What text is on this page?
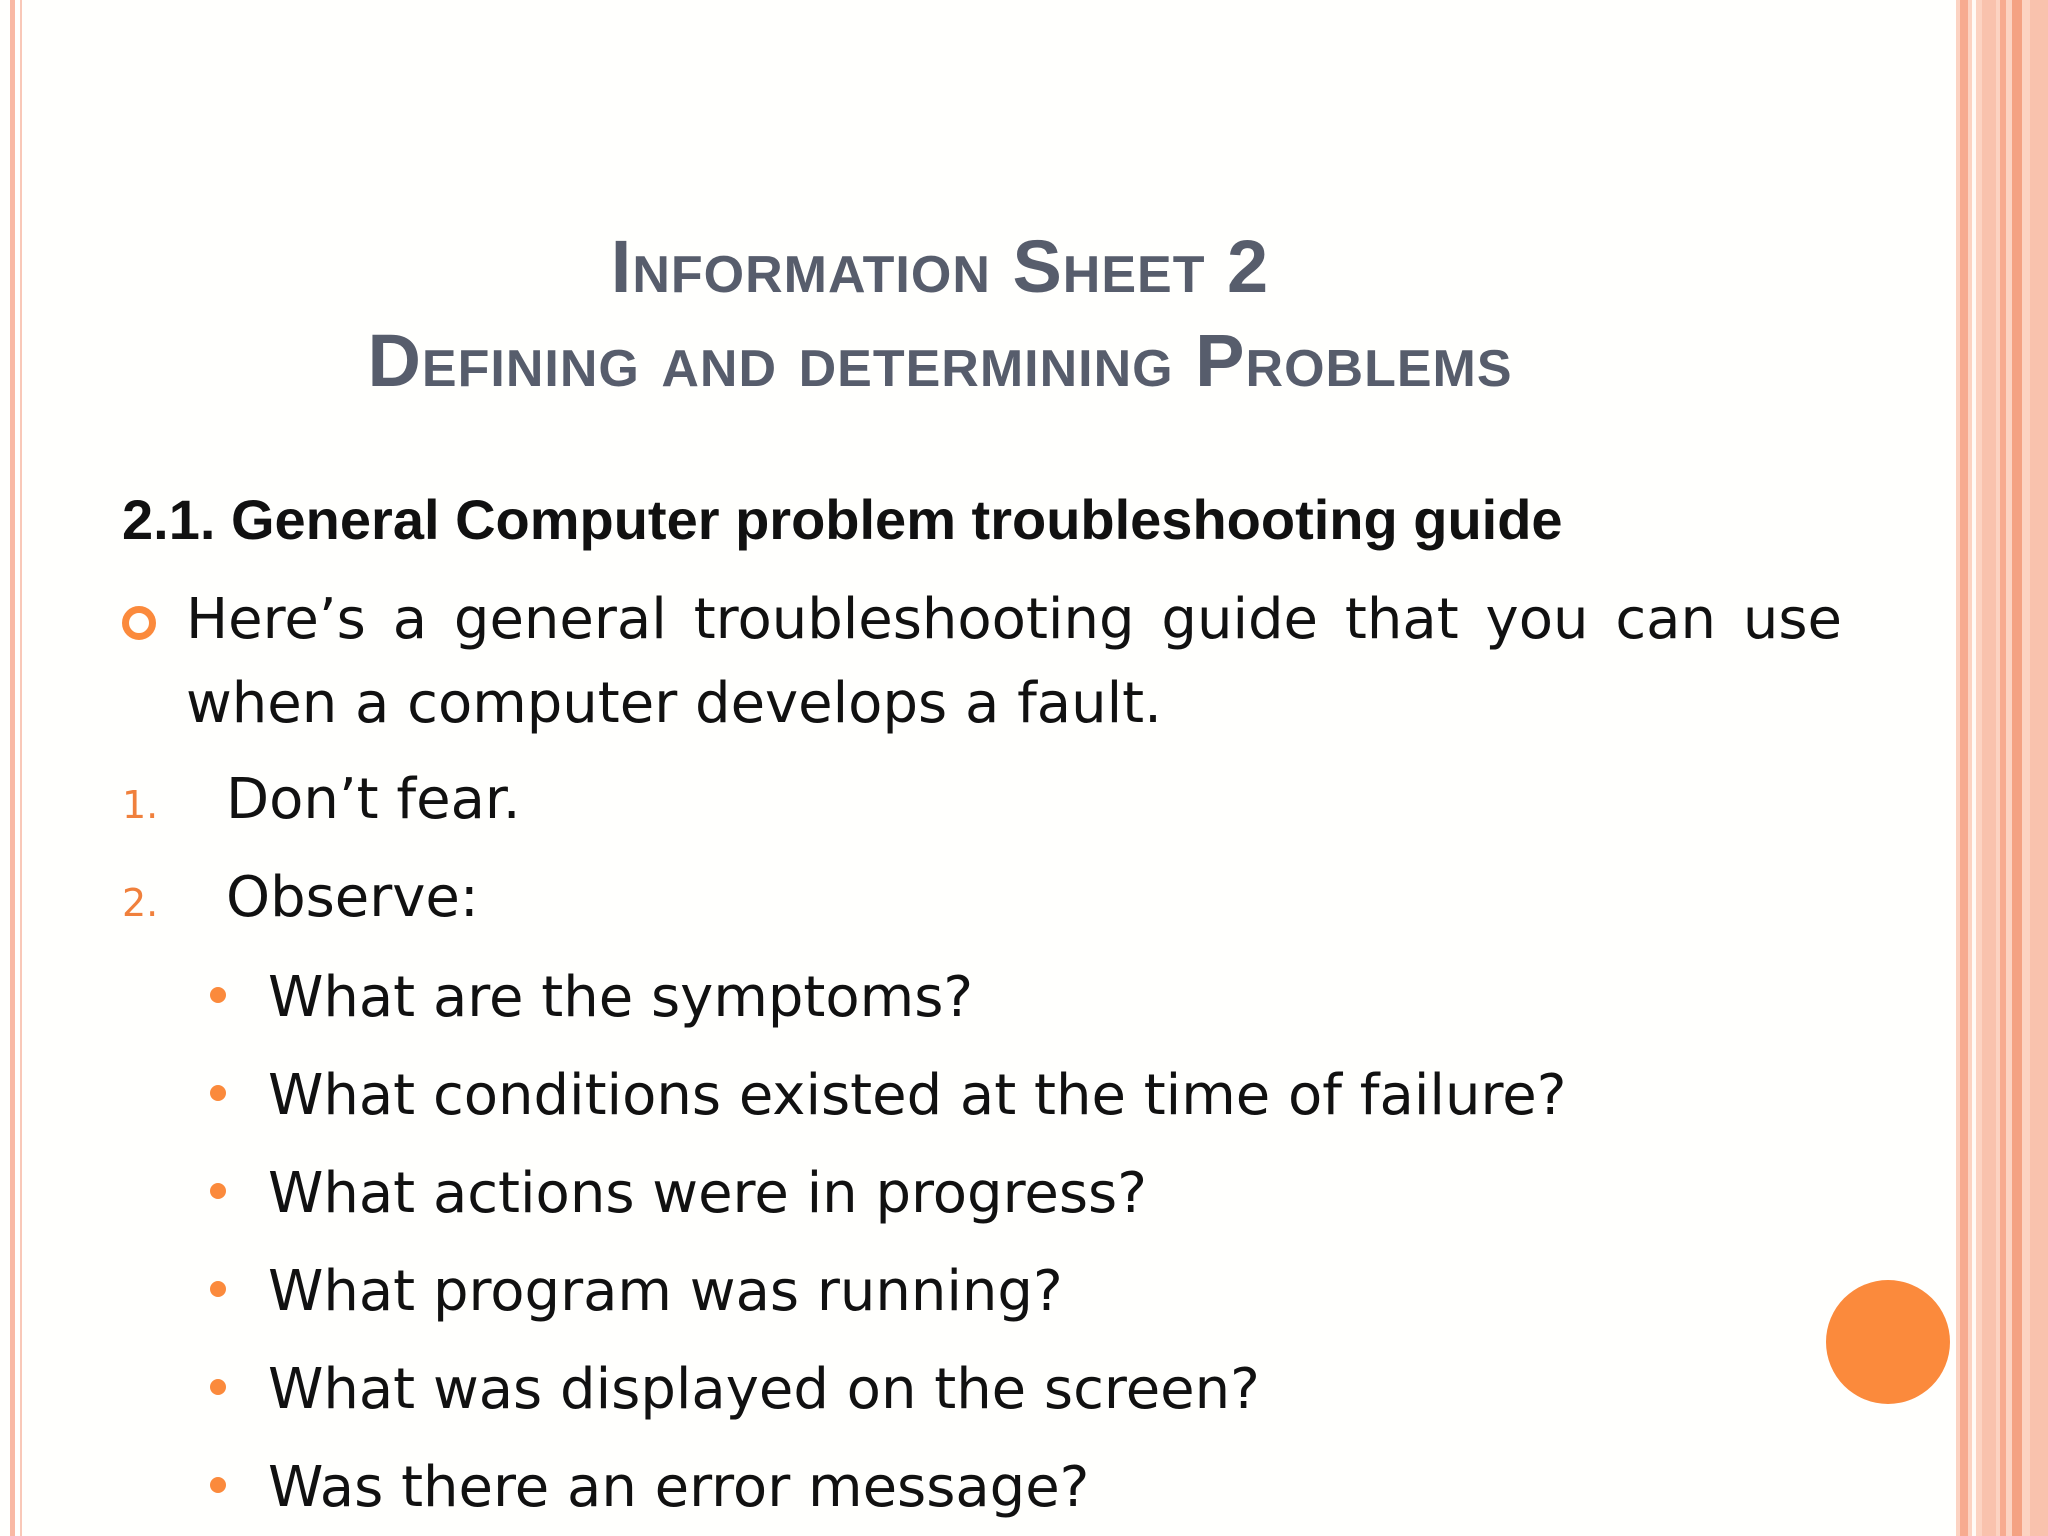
Information Sheet 2
Defining and determining Problems
2.1. General Computer problem troubleshooting guide
Here’s a general troubleshooting guide that you can use when a computer develops a fault.
1. Don’t fear.
2. Observe:
What are the symptoms?
What conditions existed at the time of failure?
What actions were in progress?
What program was running?
What was displayed on the screen?
Was there an error message?
